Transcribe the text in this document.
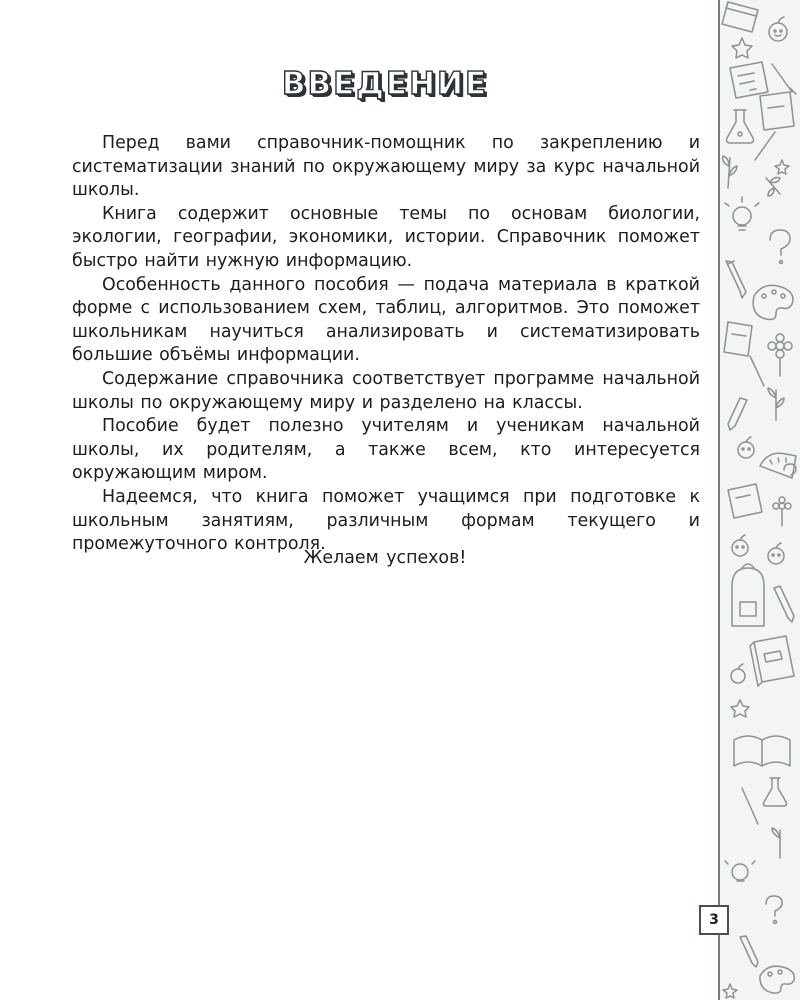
ВВЕДЕНИЕ

Перед вами справочник-помощник по закреплению и систематизации знаний по окружающему миру за курс начальной школы.

Книга содержит основные темы по основам биологии, экологии, географии, экономики, истории. Справочник поможет быстро найти нужную информацию.

Особенность данного пособия — подача материала в краткой форме с использованием схем, таблиц, алгоритмов. Это поможет школьникам научиться анализировать и систематизировать большие объёмы информации.

Содержание справочника соответствует программе начальной школы по окружающему миру и разделено на классы.

Пособие будет полезно учителям и ученикам начальной школы, их родителям, а также всем, кто интересуется окружающим миром.

Надеемся, что книга поможет учащимся при подготовке к школьным занятиям, различным формам текущего и промежуточного контроля.

Желаем успехов!
3
